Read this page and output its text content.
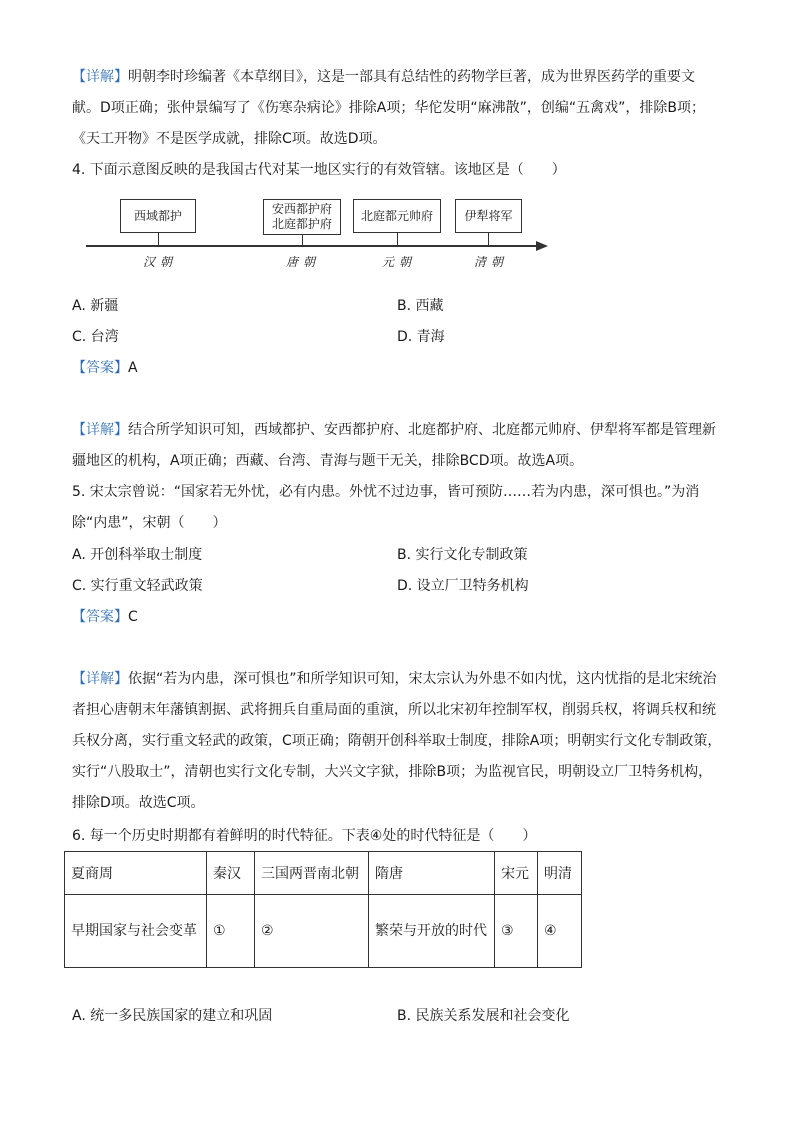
【详解】明朝李时珍编著《本草纲目》，这是一部具有总结性的药物学巨著，成为世界医药学的重要文献。D项正确；张仲景编写了《伤寒杂病论》排除A项；华佗发明“麻沸散”，创编“五禽戏”，排除B项；《天工开物》不是医学成就，排除C项。故选D项。

4. 下面示意图反映的是我国古代对某一地区实行的有效管辖。该地区是（　　）
西域都护	安西都护府
北庭都护府
北庭都元帅府	伊犁将军
汉朝	唐朝	元朝	清朝
A. 新疆	B. 西藏
C. 台湾	D. 青海
【答案】A

【详解】结合所学知识可知，西域都护、安西都护府、北庭都护府、北庭都元帅府、伊犁将军都是管理新疆地区的机构，A项正确；西藏、台湾、青海与题干无关，排除BCD项。故选A项。

5. 宋太宗曾说：“国家若无外忧，必有内患。外忧不过边事，皆可预防……若为内患，深可惧也。”为消除“内患”，宋朝（　　）

A. 开创科举取士制度	B. 实行文化专制政策
C. 实行重文轻武政策	D. 设立厂卫特务机构
【答案】C

【详解】依据“若为内患，深可惧也”和所学知识可知，宋太宗认为外患不如内忧，这内忧指的是北宋统治者担心唐朝末年藩镇割据、武将拥兵自重局面的重演，所以北宋初年控制军权，削弱兵权，将调兵权和统兵权分离，实行重文轻武的政策，C项正确；隋朝开创科举取士制度，排除A项；明朝实行文化专制政策，实行“八股取士”，清朝也实行文化专制，大兴文字狱，排除B项；为监视官民，明朝设立厂卫特务机构，排除D项。故选C项。

6. 每一个历史时期都有着鲜明的时代特征。下表④处的时代特征是（　　）
夏商周	秦汉	三国两晋南北朝	隋唐	宋元	明清
早期国家与社会变革	①	②	繁荣与开放的时代	③	④
A. 统一多民族国家的建立和巩固	B. 民族关系发展和社会变化
